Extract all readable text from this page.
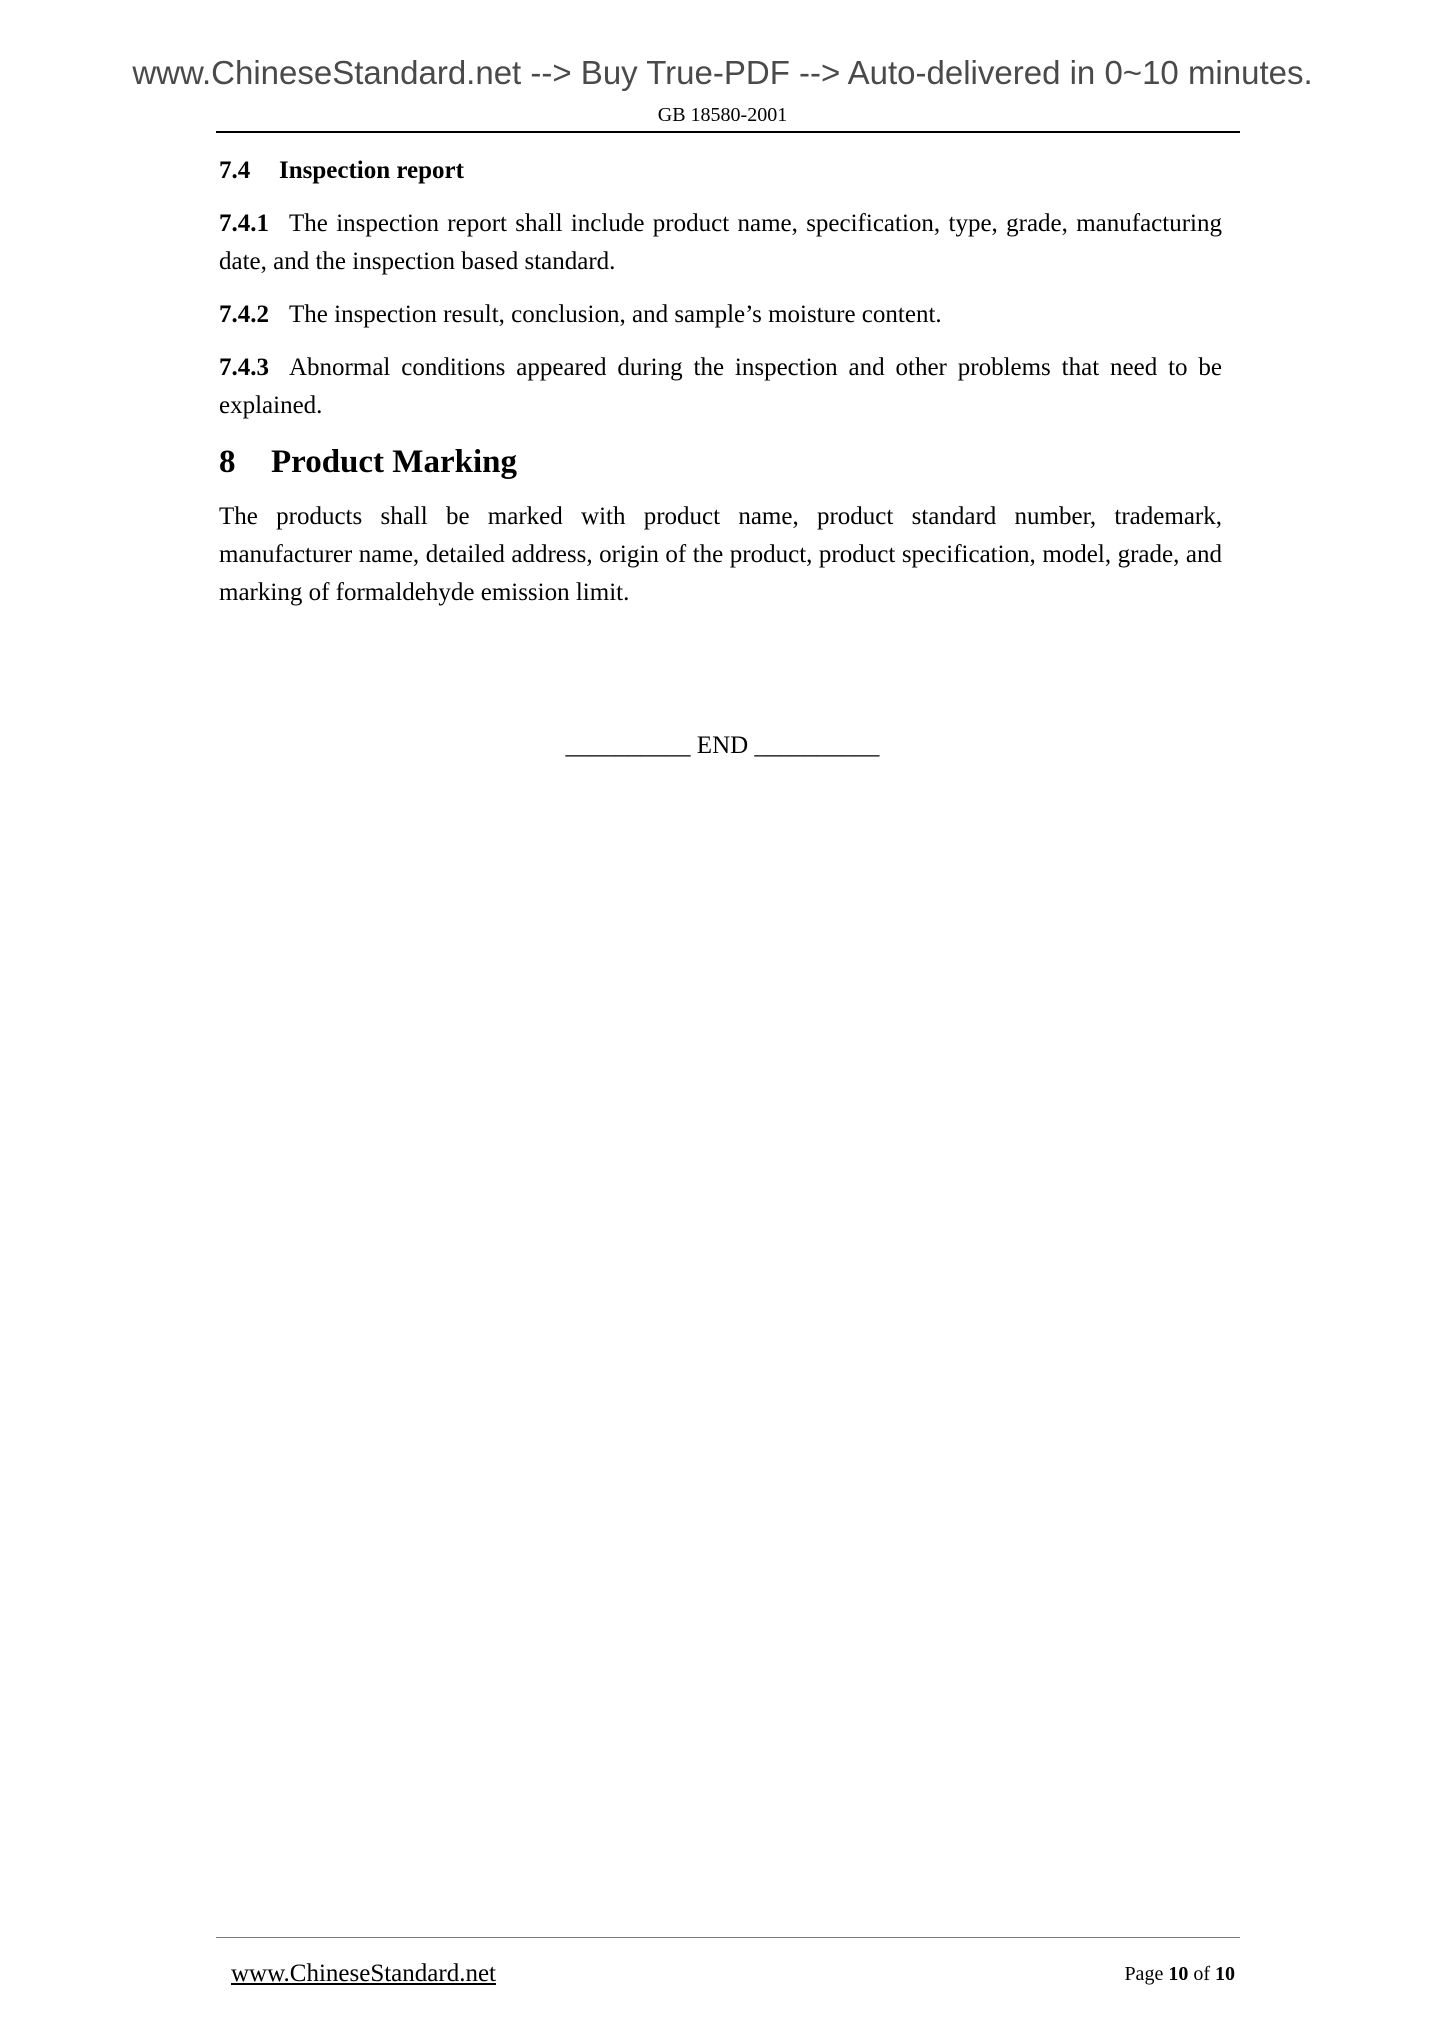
www.ChineseStandard.net --> Buy True-PDF --> Auto-delivered in 0~10 minutes.
GB 18580-2001
7.4 Inspection report
7.4.1 The inspection report shall include product name, specification, type, grade, manufacturing date, and the inspection based standard.
7.4.2 The inspection result, conclusion, and sample’s moisture content.
7.4.3 Abnormal conditions appeared during the inspection and other problems that need to be explained.
8 Product Marking
The products shall be marked with product name, product standard number, trademark, manufacturer name, detailed address, origin of the product, product specification, model, grade, and marking of formaldehyde emission limit.
__________ END __________
www.ChineseStandard.net	Page 10 of 10
